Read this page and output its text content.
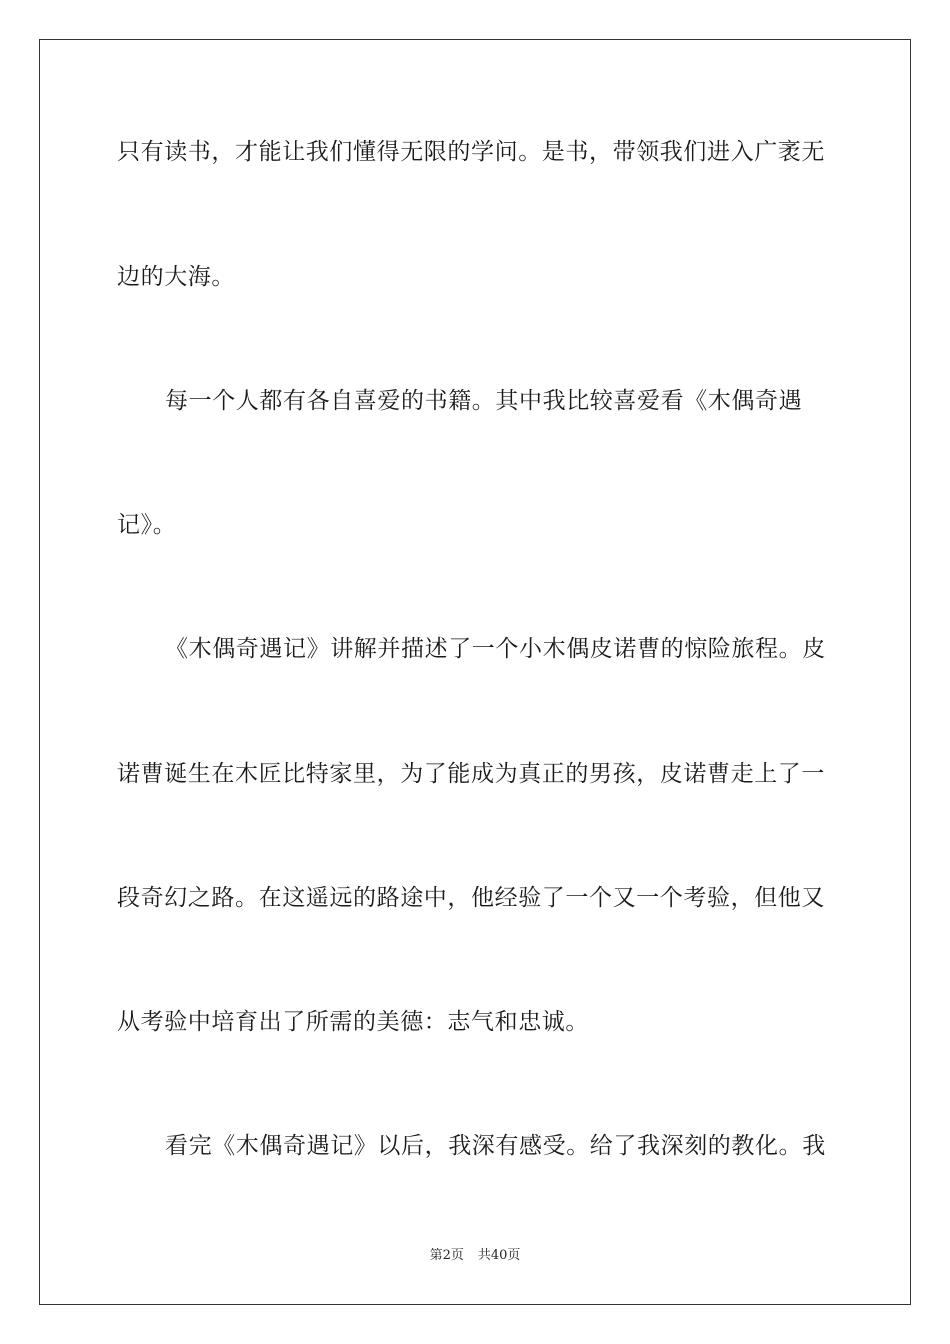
只有读书，才能让我们懂得无限的学问。是书，带领我们进入广袤无
边的大海。
每一个人都有各自喜爱的书籍。其中我比较喜爱看《木偶奇遇
记》。
《木偶奇遇记》讲解并描述了一个小木偶皮诺曹的惊险旅程。皮
诺曹诞生在木匠比特家里，为了能成为真正的男孩，皮诺曹走上了一
段奇幻之路。在这遥远的路途中，他经验了一个又一个考验，但他又
从考验中培育出了所需的美德：志气和忠诚。
看完《木偶奇遇记》以后，我深有感受。给了我深刻的教化。我
第2页 共40页
